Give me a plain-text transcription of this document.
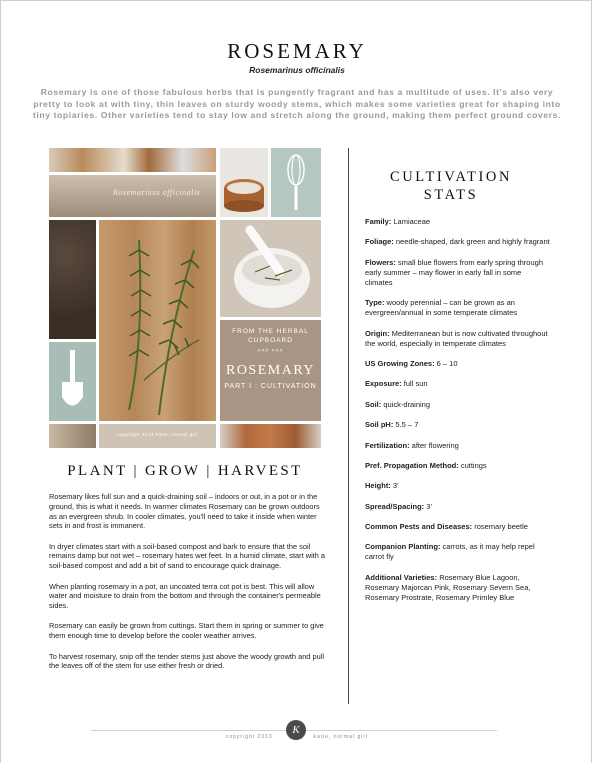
ROSEMARY
Rosemarinus officinalis
Rosemary is one of those fabulous herbs that is pungently fragrant and has a multitude of uses. It's also very pretty to look at with tiny, thin leaves on sturdy woody stems, which makes some varieties great for shaping into tiny topiaries. Other varieties tend to stay low and stretch along the ground, making them perfect ground covers.
Rosemarinus officinalis
FROM THE HERBAL CUPBOARD
>>> <<<
ROSEMARY
PART I : CULTIVATION
copyright 2013 katie, normal girl
PLANT | GROW | HARVEST

Rosemary likes full sun and a quick-draining soil – indoors or out, in a pot or in the ground, this is what it needs. In warmer climates Rosemary can be grown outdoors as an evergreen shrub. In cooler climates, you'll need to take it inside when winter sets in and frost is immanent.

In dryer climates start with a soil-based compost and bark to ensure that the soil remains damp but not wet – rosemary hates wet feet. In a humid climate, start with a soil-based compost and add a bit of sand to encourage quick drainage.

When planting rosemary in a pot, an uncoated terra cot pot is best. This will allow water and moisture to drain from the bottom and through the container's permeable sides.

Rosemary can easily be grown from cuttings. Start them in spring or summer to give them enough time to develop before the cooler weather arrives.

To harvest rosemary, snip off the tender stems just above the woody growth and pull the leaves off of the stem for use either fresh or dried.

CULTIVATION
STATS
Family: Lamiaceae
Foliage: needle-shaped, dark green and highly fragrant
Flowers: small blue flowers from early spring through early summer – may flower in early fall in some climates
Type: woody perennial – can be grown as an evergreen/annual in some temperate climates
Origin: Mediterranean but is now cultivated throughout the world, especially in temperate climates
US Growing Zones: 6 – 10
Exposure: full sun
Soil: quick-draining
Soil pH: 5.5 – 7
Fertilization: after flowering
Pref. Propagation Method: cuttings
Height: 3'
Spread/Spacing: 3'
Common Pests and Diseases: rosemary beetle
Companion Planting: carrots, as it may help repel carrot fly
Additional Varieties: Rosemary Blue Lagoon, Rosemary Majorcan Pink, Rosemary Severn Sea, Rosemary Prostrate, Rosemary Primley Blue
copyright 2013	katie, normal girl
K
